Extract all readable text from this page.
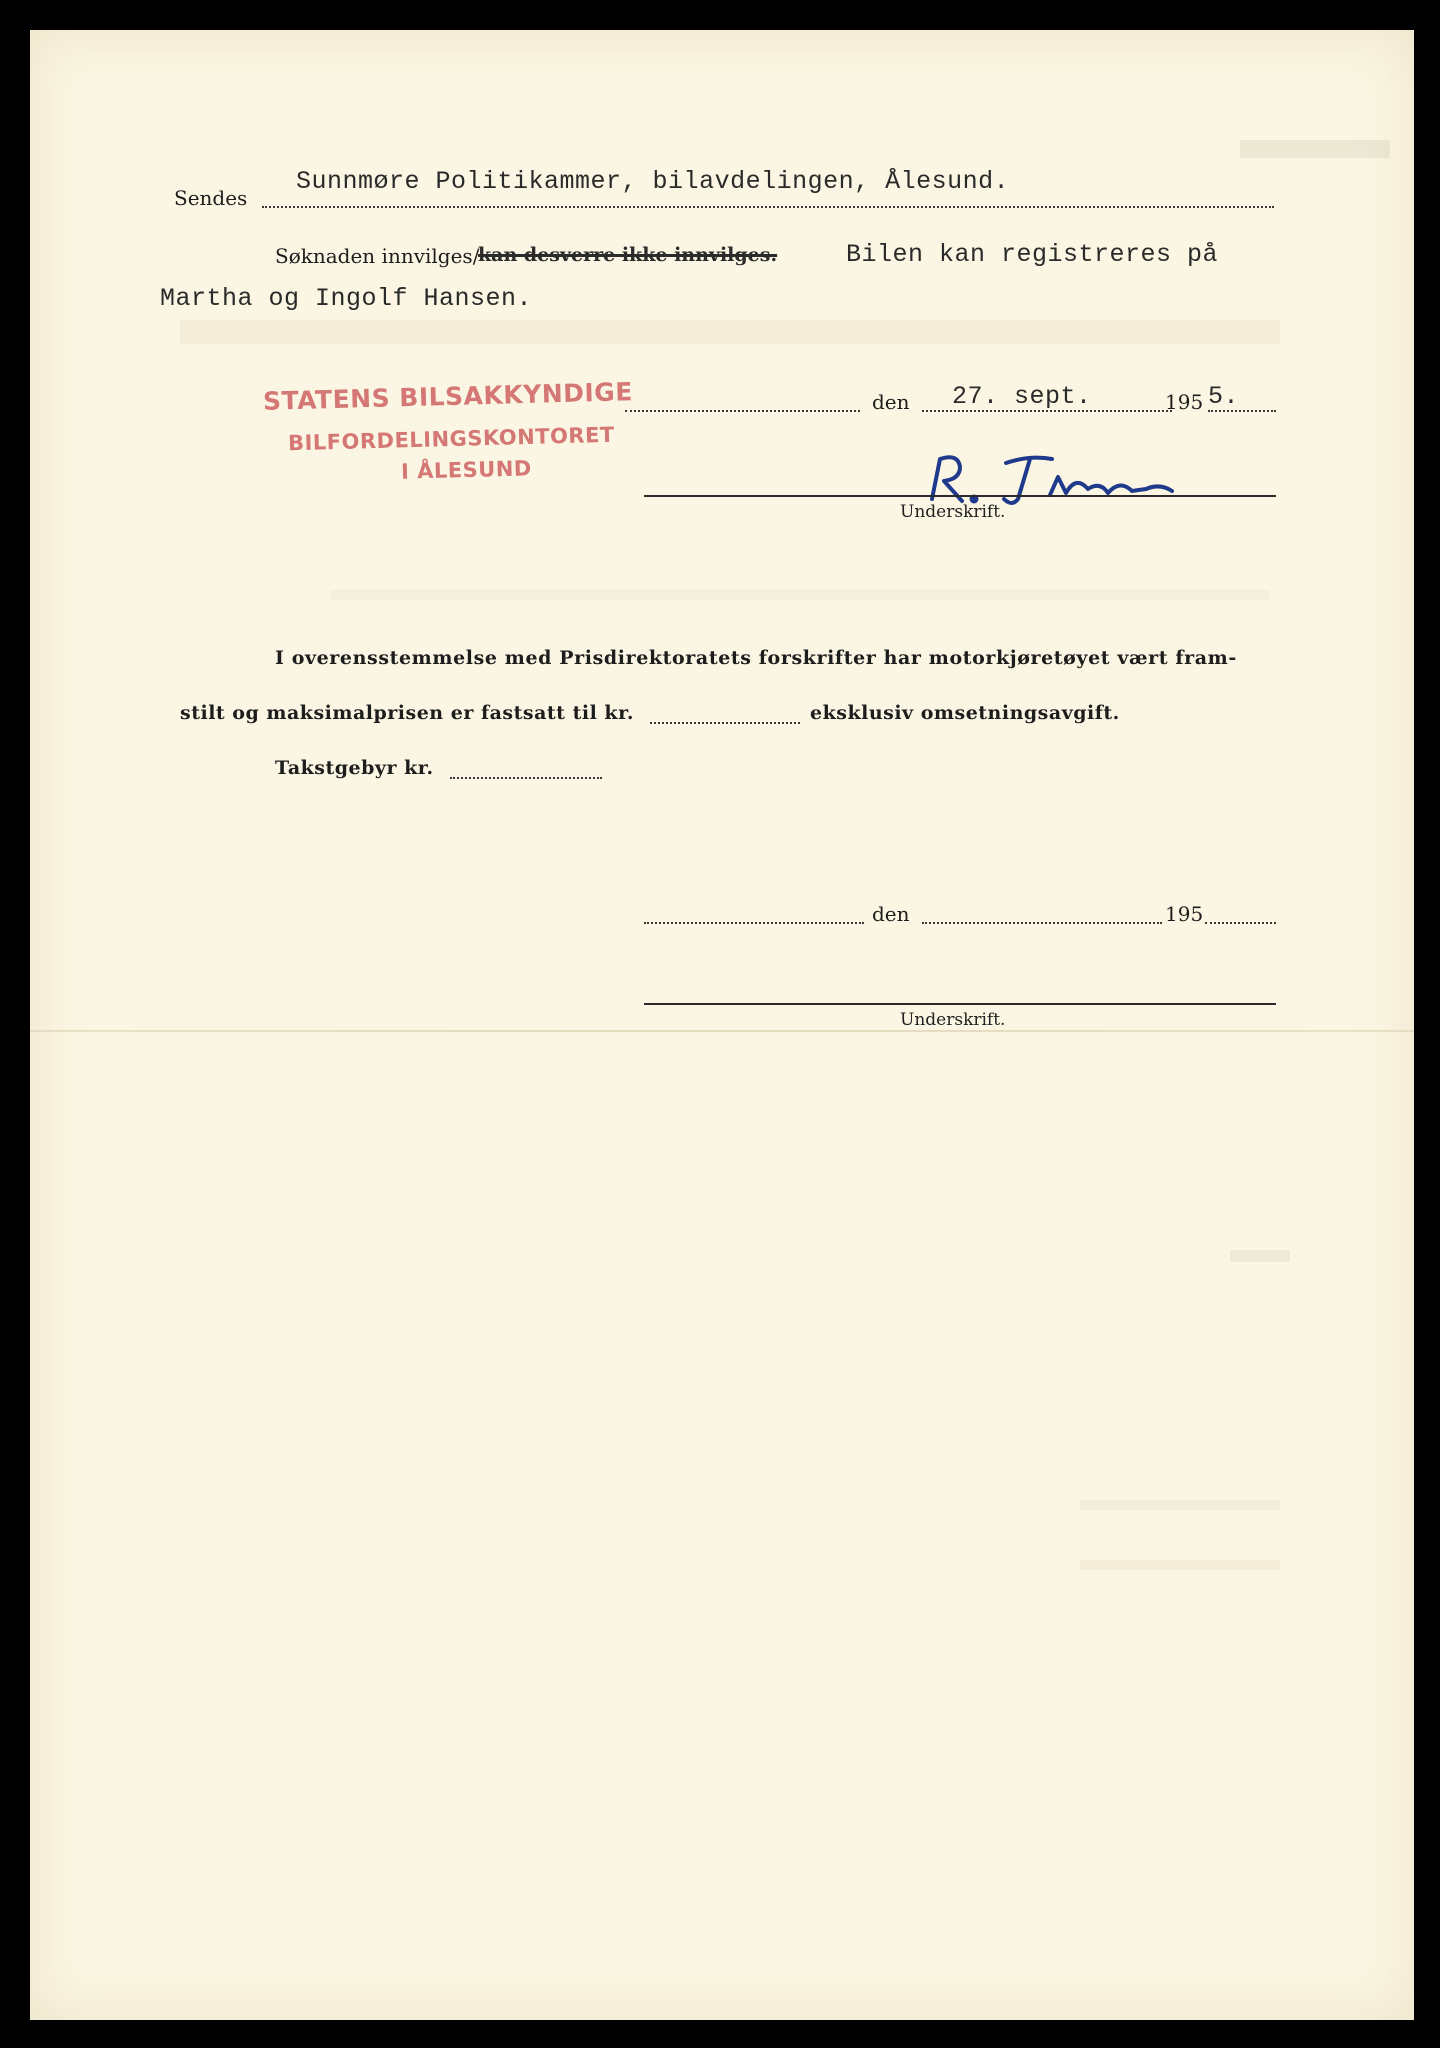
Sendes
Sunnmøre Politikammer, bilavdelingen, Ålesund.
Søknaden innvilges/
kan desverre ikke innvilges.	Bilen kan registreres på
Martha og Ingolf Hansen.
STATENS BILSAKKYNDIGE
BILFORDELINGSKONTORET
I ÅLESUND
den 27. sept.	195 5.
Underskrift.
I overensstemmelse med Prisdirektoratets forskrifter har motorkjøretøyet vært fram-
stilt og maksimalprisen er fastsatt til kr.	eksklusiv omsetningsavgift.
Takstgebyr kr.
den	195
Underskrift.
